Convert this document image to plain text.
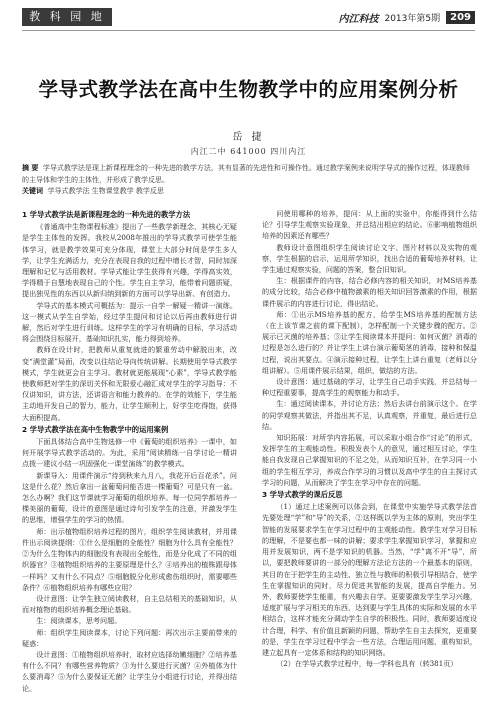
教 科 园 地	内江科技 2013年第5期	209
学导式教学法在高中生物教学中的应用案例分析
岳 捷
内江二中 641000 四川内江
摘 要 学导式教学法是现上新课程理念的一种先进的教学方法，其有显著的先进性和可操作性。通过教学案例来说明学导式的操作过程，体现教师的主导体和学生的主体性，并形成了教学反思。
关键词 学导式教学法 生物课堂教学 教学反思
1 学导式教学法是新课程理念的一种先进的教学方法

《普通高中生物课程标准》提出了一些教学新理念，其核心无疑是学生主体性的发挥。我校从2008年推出的学导式教学可使学生能体学习，就是教学效果可充分体现，课堂上大部分时间是学生多人学，让学生充满活力，充分在表现自我的过程中增长才智，同时加深理解和记忆与活用教材。学导式能让学生获得有兴趣，学得高实效，学得精于自慧地表现自己的个性。学生自主学习，能带着问题质疑，提出独见性的东西以从新归纳到新的方面可以学导出新、有创造力。

学导式的基本模式可概括为：提示一自学一解疑一精讲一演练。这一模式从学生自学始，经过学生提问和讨论以后再由教师进行讲解，然后对学生进行训练。这样学生的学习有明确的目标，学习活动将会围绕目标展开，基础知识扎实，能力得到培养。

教师在设计时，把教师从重复就进的繁重劳动中解脱出来，改变“满堂灌”局面，改变以往结论导向传统讲解。长期使用学导式教学模式，学生就更会自主学习。教材就更能展现“心素”，学导式教学能使教师把对学生的深切关怀和无限爱心融汇成对学生的学习指导：不仅讲知识，讲方法，还讲语言和能力教养的。在学的效能下，学生能主动地开发自己的智力，能力，让学生顺利上，好学生吃得饱，获得大面积提高。

2 学导式教学法在高中生物教学中的运用案例

下面具体结合高中生物选修一中《葡萄的组织培养》一课中，如何开展学导式教学活动的。为此，采用“阅读精练一自学讨论一精讲点拨一建议小结一巩固强化一课堂演练”的教学模式。

新课导入：用课件演示“待到秋来九月八，我花开后百花杀”。问这是什么花？然后拿出一盆葡萄问能否进一棵葡萄？可是只有一盆。怎么办啊？我们这节课就学习葡萄的组织培养。每一位同学都培养一棵美丽的葡萄，设计的意图是通过诗句引发学生的注意，并激发学生的思维，增强学生的学习的热情。

师：出示植物组织培养过程的图片，组织学生阅读教材，并用课件出示阅读提纲：①什么是细胞的全能性？细胞为什么具有全能性？②为什么生物体内的细胞没有表现出全能性，而是分化成了不同的组织器官？③植物组织培养的主要原理是什么？④培养出的植株跟母体一样吗？又有什么不同点？⑤细胞脱分化形成愈伤组织时，需要哪些条件？⑥植物组织培养有哪些应用？

设计意图：让学生独立阅读教材，自主总结相关的基础知识，从而对植物的组织培养概念理论基础。

生：阅读课本，思考问题。

师：组织学生阅读课本，讨论下列问题：再次出示主要前带来的疑惑：

设计意图：①植物组织培养时，取材应选择幼嫩细胞？②培养基有什么不同？有哪些营养物质？③为什么要进行灭菌？④外植体为什么要消毒？⑤为什么要保证无菌？让学生分小组进行讨论，并得出结论。

问使用哪种的培养，提问：从上面的实验中，你能得到什么结论？引导学生观察实验现象，并总结出相应的结论。⑥影响植物组织培养的因素还有哪些？

教师设计意图组织学生阅读讨论文字、图片材料以及实物的观察，学生根据的启示，运用所学知识，找出合适的葡萄培养材料，让学生通过观察实验，问题的答案，整合旧知识。

生：根据课件的内容，结合必修内容的相关知识，对MS培养基的成分比较，结合必修中植物激素的相关知识回答激素的作用，根据课件展示的内容进行讨论，得出结论。

师：①出示MS培养基的配方，给学生MS培养基的配制方法（在上该节课之前的课下配制），怎样配制一个关键步骤的配方。②展示已灭菌的培养基；③让学生阅读课本并提问：如何灭菌？消毒的过程是怎么进行的？并让学生上讲台演示葡萄茎的消毒，接种和保温过程，说出其要点。④演示接种过程，让学生上讲台重复（老师以分组讲解）。⑤用课件展示结果，组织，做结的方法。

设计意图：通过基础的学习，让学生自己动手实践，并总结每一种过程重要事，提高学生的观察能力和动手。

生：通过阅读课本，并讨论方法；然后去讲台前演示这个。在学的同学观察其做法，并指出其不足，认真观察，并重复，最后进行总结。

知识拓展：对所学内容拓展，可以采取小组合作“讨论”的形式，发挥学生的主观能动性。积极发表个人的意见，通过相互讨论，学生能自我发现自己掌握知识的不足之处，从而知识互补，在学习同一小组的学生相互学习，养成合作学习的习惯以及高中学生的自主探讨式学习的问题，从而解决了学生在学习中存在的问题。

3 学导式教学的课后反思

（1）通过上述案例可以体会到，在课堂中实施学导式教学法首先要处理“学”和“导”的关系，②这样既以学为主体的原则，突出学生智能的发展要求学生在学习过程中的主观能动性。教学生对学习目标的理解，不是要也都一味的讲解；要求学生掌握知识学习，掌握和应用并发展知识，两不是学知识的机器。当然，“学”离不开“导”，所以，要把教师要讲的一部分的理解方法论方法的一个最基本的原则，其目的在于把学生的主动性、独立性与教师的积极引导相结合，使学生在掌握知识的同时，尽力促进其智能的发展，提高自学能力。另外，教师要使学生能重，有兴趣去自学。更要要激发学生学习兴趣，适度扩展与学习相关的东西，达到要与学生具体的实际和发展的水平相结合，这样才能充分调动学生自学的积极性。同时，教师要适度设计合理，科学、有价值且新颖的问题，帮助学生自主去探究，更重要的是，学生在学习过程中学会一些方法，合理运用问题，重构知识，建立起具有一定体系和结构的知识网络。

（2）在学导式教学过程中，每一学科也具有（转381页）
